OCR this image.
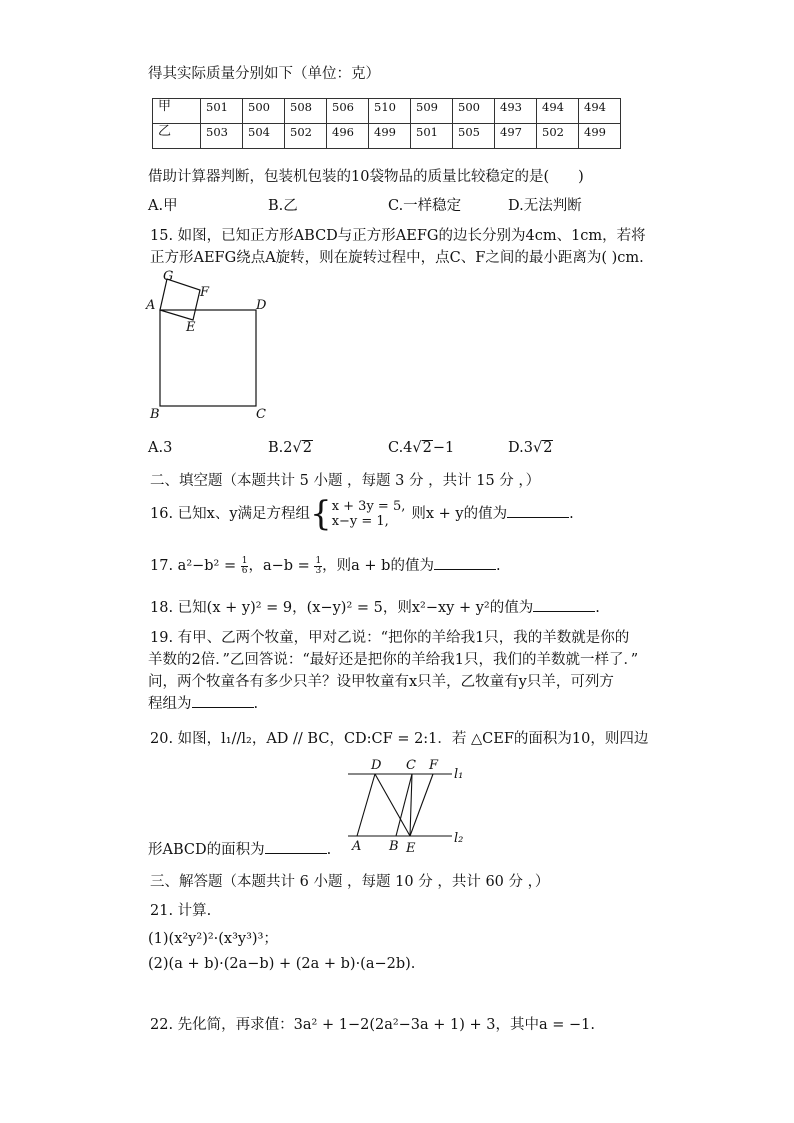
得其实际质量分别如下（单位：克）
甲	501	500	508	506	510	509	500	493	494	494
乙	503	504	502	496	499	501	505	497	502	499
借助计算器判断，包装机包装的10袋物品的质量比较稳定的是(　　)
A.甲	B.乙	C.一样稳定	D.无法判断
15. 如图，已知正方形ABCD与正方形AEFG的边长分别为4cm、1cm，若将
正方形AEFG绕点A旋转，则在旋转过程中，点C、F之间的最小距离为( )cm.
A	D
B	C
E
F
G
A.3	B.2√2	C.4√2−1	D.3√2
二、填空题（本题共计 5 小题 ，每题 3 分 ，共计 15 分 ，）
16. 已知x、y满足方程组{ x + 3y = 5,
x−y = 1,	则x + y的值为	.
17. $a^2-b^2 = \frac{1}{6}$ ，$a-b = \frac{1}{3}$ ，则a + b的值为	.
18. 已知(x + y)² = 9，(x−y)² = 5，则x²−xy + y²的值为	.
19. 有甲、乙两个牧童，甲对乙说：“把你的羊给我1只，我的羊数就是你的
羊数的2倍．”乙回答说：“最好还是把你的羊给我1只，我们的羊数就一样了．”
问，两个牧童各有多少只羊？设甲牧童有x只羊，乙牧童有y只羊，可列方
程组为	.
20. 如图，l₁//l₂，AD // BC，CD:CF = 2:1．若 △CEF的面积为10，则四边
D C F
l₁
l₂
A B E
形ABCD的面积为	.
三、解答题（本题共计 6 小题 ，每题 10 分 ，共计 60 分 ，）
21. 计算.
(1)(x²y²)²·(x³y³)³；
(2)(a + b)·(2a−b) + (2a + b)·(a−2b).
22. 先化简，再求值：3a² + 1−2(2a²−3a + 1) + 3，其中a = −1.
